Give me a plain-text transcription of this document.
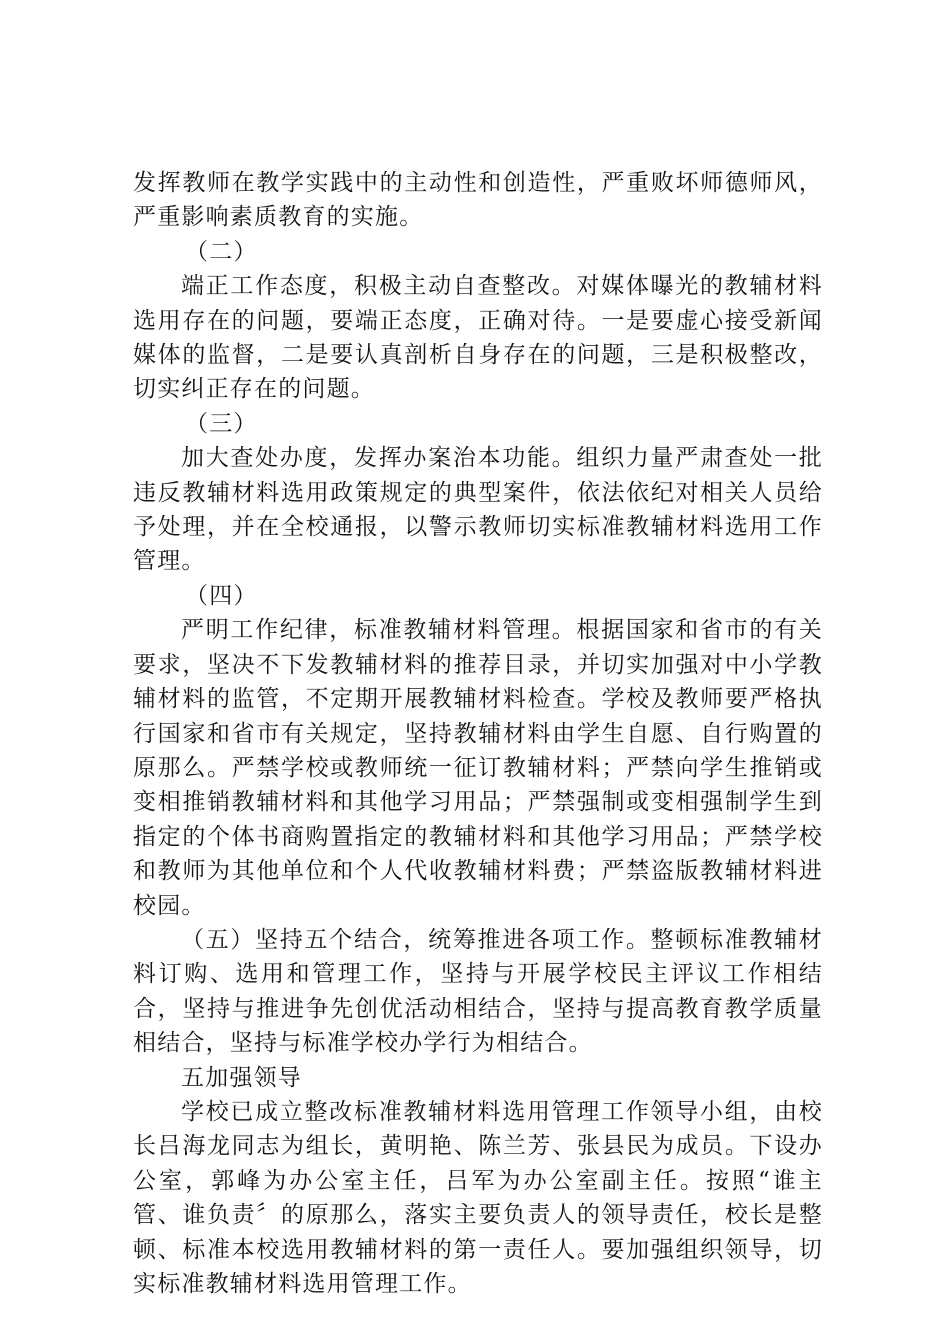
发挥教师在教学实践中的主动性和创造性，严重败坏师德师风，严重影响素质教育的实施。

（二）

端正工作态度，积极主动自查整改。对媒体曝光的教辅材料选用存在的问题，要端正态度，正确对待。一是要虚心接受新闻媒体的监督，二是要认真剖析自身存在的问题，三是积极整改，切实纠正存在的问题。

（三）

加大查处办度，发挥办案治本功能。组织力量严肃查处一批违反教辅材料选用政策规定的典型案件，依法依纪对相关人员给予处理，并在全校通报，以警示教师切实标准教辅材料选用工作管理。

（四）

严明工作纪律，标准教辅材料管理。根据国家和省市的有关要求，坚决不下发教辅材料的推荐目录，并切实加强对中小学教辅材料的监管，不定期开展教辅材料检查。学校及教师要严格执行国家和省市有关规定，坚持教辅材料由学生自愿、自行购置的原那么。严禁学校或教师统一征订教辅材料；严禁向学生推销或变相推销教辅材料和其他学习用品；严禁强制或变相强制学生到指定的个体书商购置指定的教辅材料和其他学习用品；严禁学校和教师为其他单位和个人代收教辅材料费；严禁盗版教辅材料进校园。

（五）坚持五个结合，统筹推进各项工作。整顿标准教辅材料订购、选用和管理工作，坚持与开展学校民主评议工作相结合，坚持与推进争先创优活动相结合，坚持与提高教育教学质量相结合，坚持与标准学校办学行为相结合。

五加强领导

学校已成立整改标准教辅材料选用管理工作领导小组，由校长吕海龙同志为组长，黄明艳、陈兰芳、张县民为成员。下设办公室，郭峰为办公室主任，吕军为办公室副主任。按照“谁主管、谁负责〞的原那么，落实主要负责人的领导责任，校长是整顿、标准本校选用教辅材料的第一责任人。要加强组织领导，切实标准教辅材料选用管理工作。
